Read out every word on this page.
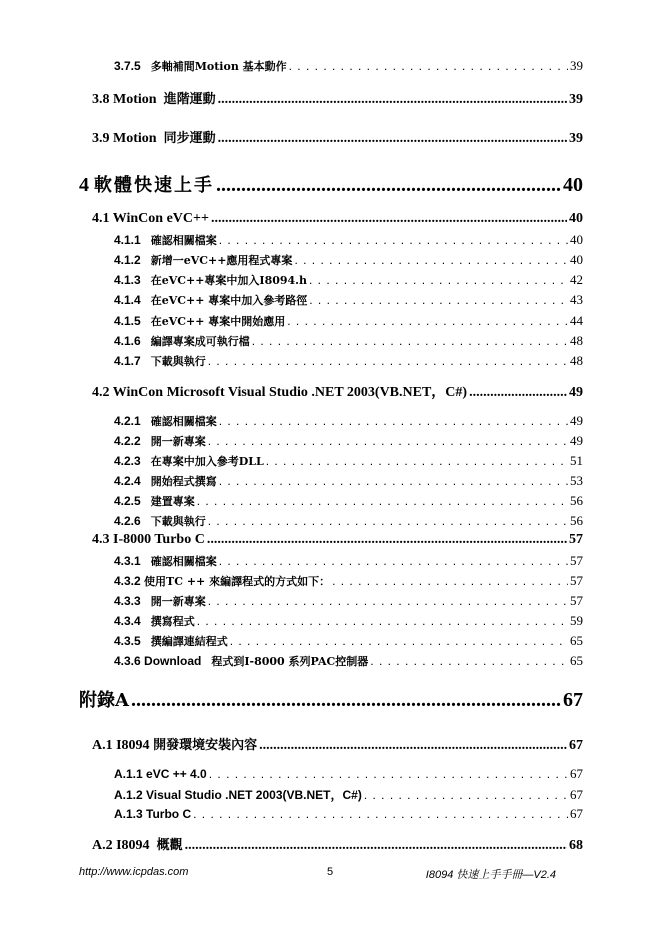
3.7.5 多軸補間Motion 基本動作 . . .	39
3.8 Motion 進階運動 .....	39
3.9 Motion 同步運動 .....	39
4 軟體快速上手 .....	40
4.1 WinCon eVC++ .....	40
4.1.1 確認相關檔案 . . .	40
4.1.2 新增一eVC++應用程式專案 . . .	40
4.1.3 在eVC++專案中加入I8094.h . . .	42
4.1.4 在eVC++ 專案中加入參考路徑 . . .	43
4.1.5 在eVC++ 專案中開始應用 . . .	44
4.1.6 編譯專案成可執行檔 . . .	48
4.1.7 下載與執行 . . .	48
4.2 WinCon Microsoft Visual Studio .NET 2003(VB.NET，C#) .....	49
4.2.1 確認相關檔案 . . .	49
4.2.2 開一新專案 . . .	49
4.2.3 在專案中加入參考DLL . . .	51
4.2.4 開始程式撰寫 . . .	53
4.2.5 建置專案 . . .	56
4.2.6 下載與執行 . . .	56
4.3 I-8000 Turbo C .....	57
4.3.1 確認相關檔案 . . .	57
4.3.2 使用TC ++ 來編譯程式的方式如下： . . .	57
4.3.3 開一新專案 . . .	57
4.3.4 撰寫程式 . . .	59
4.3.5 撰編譯連結程式 . . .	65
4.3.6 Download 程式到I-8000 系列PAC控制器 . . .	65
附錄A .....	67
A.1 I8094 開發環境安裝內容 .....	67
A.1.1 eVC ++ 4.0 . . .	67
A.1.2 Visual Studio .NET 2003(VB.NET，C#) . . .	67
A.1.3 Turbo C . . .	67
A.2 I8094 概觀 .....	68
http://www.icpdas.com	5	I8094 快速上手手冊—V2.4
